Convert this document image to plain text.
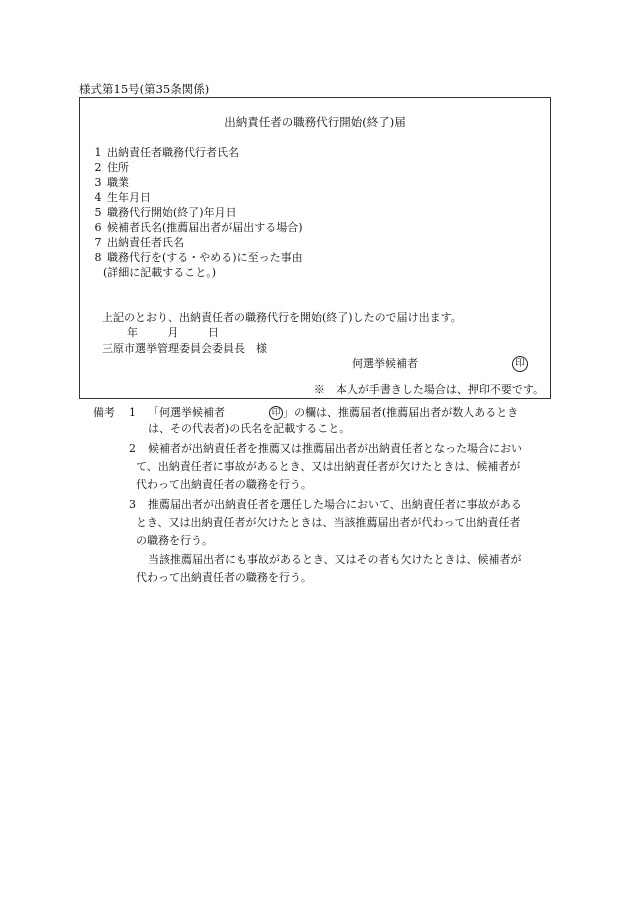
様式第15号(第35条関係)
出納責任者の職務代行開始(終了)届
1 出納責任者職務代行者氏名
2 住所
3 職業
4 生年月日
5 職務代行開始(終了)年月日
6 候補者氏名(推薦届出者が届出する場合)
7 出納責任者氏名
8 職務代行を(する・やめる)に至った事由
(詳細に記載すること。)
上記のとおり、出納責任者の職務代行を開始(終了)したので届け出ます。
年	月	日
三原市選挙管理委員会委員長　様
何選挙候補者	印
※　本人が手書きした場合は、押印不要です。
備考 1 「何選挙候補者	印 」の欄は、推薦届者(推薦届出者が数人あるとき
は、その代表者)の氏名を記載すること。
2 候補者が出納責任者を推薦又は推薦届出者が出納責任者となった場合におい
て、出納責任者に事故があるとき、又は出納責任者が欠けたときは、候補者が
代わって出納責任者の職務を行う。
3 推薦届出者が出納責任者を選任した場合において、出納責任者に事故がある
とき、又は出納責任者が欠けたときは、当該推薦届出者が代わって出納責任者
の職務を行う。
当該推薦届出者にも事故があるとき、又はその者も欠けたときは、候補者が
代わって出納責任者の職務を行う。
